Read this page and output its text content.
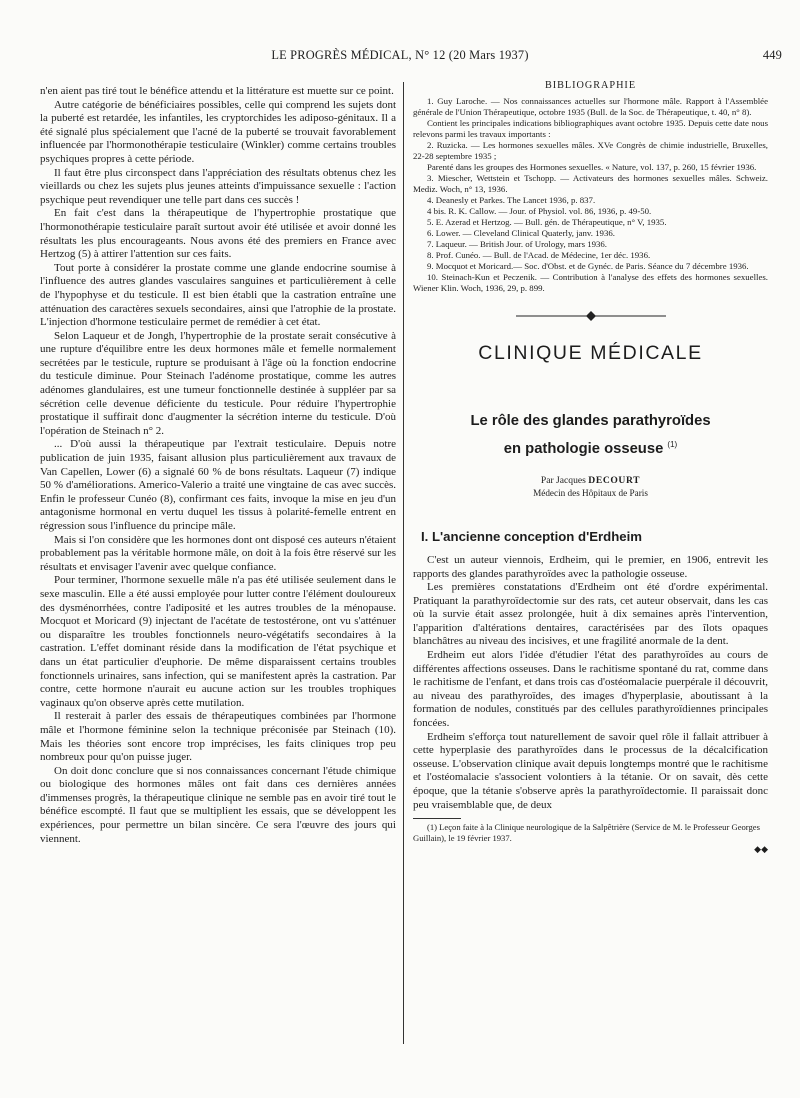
LE PROGRÈS MÉDICAL, N° 12 (20 Mars 1937)	449

n'en aient pas tiré tout le bénéfice attendu et la littérature est muette sur ce point.

Autre catégorie de bénéficiaires possibles, celle qui comprend les sujets dont la puberté est retardée, les infantiles, les cryptorchides les adiposo-génitaux. Il a été signalé plus spécialement que l'acné de la puberté se trouvait favorablement influencée par l'hormonothérapie testiculaire (Winkler) comme certains troubles psychiques propres à cette période.

Il faut être plus circonspect dans l'appréciation des résultats obtenus chez les vieillards ou chez les sujets plus jeunes atteints d'impuissance sexuelle : l'action psychique peut revendiquer une telle part dans ces succès !

En fait c'est dans la thérapeutique de l'hypertrophie prostatique que l'hormonothérapie testiculaire paraît surtout avoir été utilisée et avoir donné les résultats les plus encourageants. Nous avons été des premiers en France avec Hertzog (5) à attirer l'attention sur ces faits.

Tout porte à considérer la prostate comme une glande endocrine soumise à l'influence des autres glandes vasculaires sanguines et particulièrement à celle de l'hypophyse et du testicule. Il est bien établi que la castration entraîne une atténuation des caractères sexuels secondaires, ainsi que l'atrophie de la prostate. L'injection d'hormone testiculaire permet de remédier à cet état.

Selon Laqueur et de Jongh, l'hypertrophie de la prostate serait consécutive à une rupture d'équilibre entre les deux hormones mâle et femelle normalement secrétées par le testicule, rupture se produisant à l'âge où la fonction endocrine du testicule diminue. Pour Steinach l'adénome prostatique, comme les autres adénomes glandulaires, est une tumeur fonctionnelle destinée à suppléer par sa sécrétion celle devenue déficiente du testicule. Pour réduire l'hypertrophie prostatique il suffirait donc d'augmenter la sécrétion interne du testicule. D'où l'opération de Steinach n° 2.

... D'où aussi la thérapeutique par l'extrait testiculaire. Depuis notre publication de juin 1935, faisant allusion plus particulièrement aux travaux de Van Capellen, Lower (6) a signalé 60 % de bons résultats. Laqueur (7) indique 50 % d'améliorations. Americo-Valerio a traité une vingtaine de cas avec succès. Enfin le professeur Cunéo (8), confirmant ces faits, invoque la mise en jeu d'un antagonisme hormonal en vertu duquel les tissus à polarité-femelle entrent en régression sous l'influence du principe mâle.

Mais si l'on considère que les hormones dont ont disposé ces auteurs n'étaient probablement pas la véritable hormone mâle, on doit à la fois être réservé sur les résultats et envisager l'avenir avec quelque confiance.

Pour terminer, l'hormone sexuelle mâle n'a pas été utilisée seulement dans le sexe masculin. Elle a été aussi employée pour lutter contre l'élément douloureux des dysménorrhées, contre l'adiposité et les autres troubles de la ménopause. Mocquot et Moricard (9) injectant de l'acétate de testostérone, ont vu s'atténuer ou disparaître les troubles fonctionnels neuro-végétatifs secondaires à la castration. L'effet dominant réside dans la modification de l'état psychique et dans un état particulier d'euphorie. De même disparaissent certains troubles fonctionnels urinaires, sans infection, qui se manifestent après la castration. Par contre, cette hormone n'aurait eu aucune action sur les troubles trophiques vaginaux qu'on observe après cette mutilation.

Il resterait à parler des essais de thérapeutiques combinées par l'hormone mâle et l'hormone féminine selon la technique préconisée par Steinach (10). Mais les théories sont encore trop imprécises, les faits cliniques trop peu nombreux pour qu'on puisse juger.

On doit donc conclure que si nos connaissances concernant l'étude chimique ou biologique des hormones mâles ont fait dans ces dernières années d'immenses progrès, la thérapeutique clinique ne semble pas en avoir tiré tout le bénéfice escompté. Il faut que se multiplient les essais, que se développent les expériences, pour permettre un bilan sincère. Ce sera l'œuvre des jours qui viennent.

BIBLIOGRAPHIE

1. Guy Laroche. — Nos connaissances actuelles sur l'hormone mâle. Rapport à l'Assemblée générale de l'Union Thérapeutique, octobre 1935 (Bull. de la Soc. de Thérapeutique, t. 40, n° 8).

Contient les principales indications bibliographiques avant octobre 1935. Depuis cette date nous relevons parmi les travaux importants :

2. Ruzicka. — Les hormones sexuelles mâles. XVe Congrès de chimie industrielle, Bruxelles, 22-28 septembre 1935 ;

Parenté dans les groupes des Hormones sexuelles. « Nature, vol. 137, p. 260, 15 février 1936.

3. Miescher, Wettstein et Tschopp. — Activateurs des hormones sexuelles mâles. Schweiz. Mediz. Woch, n° 13, 1936.

4. Deanesly et Parkes. The Lancet 1936, p. 837.

4 bis. R. K. Callow. — Jour. of Physiol. vol. 86, 1936, p. 49-50.

5. E. Azerad et Hertzog. — Bull. gén. de Thérapeutique, n° V, 1935.

6. Lower. — Cleveland Clinical Quaterly, janv. 1936.

7. Laqueur. — British Jour. of Urology, mars 1936.

8. Prof. Cunéo. — Bull. de l'Acad. de Médecine, 1er déc. 1936.

9. Mocquot et Moricard.— Soc. d'Obst. et de Gynéc. de Paris. Séance du 7 décembre 1936.

10. Steinach-Kun et Peczenik. — Contribution à l'analyse des effets des hormones sexuelles. Wiener Klin. Woch, 1936, 29, p. 899.

CLINIQUE MÉDICALE

Le rôle des glandes parathyroïdes

en pathologie osseuse $^{(1)}$

Par Jacques DECOURT

Médecin des Hôpitaux de Paris

I. L'ancienne conception d'Erdheim

C'est un auteur viennois, Erdheim, qui le premier, en 1906, entrevit les rapports des glandes parathyroïdes avec la pathologie osseuse.

Les premières constatations d'Erdheim ont été d'ordre expérimental. Pratiquant la parathyroïdectomie sur des rats, cet auteur observait, dans les cas où la survie était assez prolongée, huit à dix semaines après l'intervention, l'apparition d'altérations dentaires, caractérisées par des îlots opaques blanchâtres au niveau des incisives, et une fragilité anormale de la dent.

Erdheim eut alors l'idée d'étudier l'état des parathyroïdes au cours de différentes affections osseuses. Dans le rachitisme spontané du rat, comme dans le rachitisme de l'enfant, et dans trois cas d'ostéomalacie puerpérale il découvrit, au niveau des parathyroïdes, des images d'hyperplasie, aboutissant à la formation de nodules, constitués par des cellules parathyroïdiennes principales foncées.

Erdheim s'efforça tout naturellement de savoir quel rôle il fallait attribuer à cette hyperplasie des parathyroïdes dans le processus de la décalcification osseuse. L'observation clinique avait depuis longtemps montré que le rachitisme et l'ostéomalacie s'associent volontiers à la tétanie. Or on savait, dès cette époque, que la tétanie s'observe après la parathyroïdectomie. Il paraissait donc peu vraisemblable que, de deux

(1) Leçon faite à la Clinique neurologique de la Salpêtrière (Service de M. le Professeur Georges Guillain), le 19 février 1937.

◆◆
